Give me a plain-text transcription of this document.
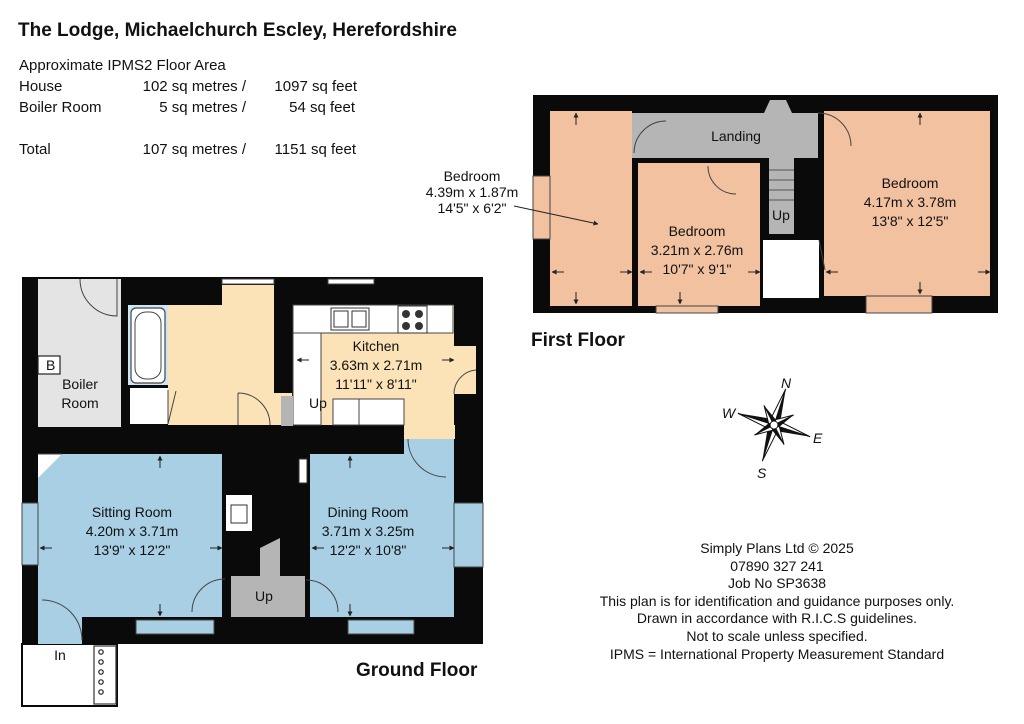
The Lodge, Michaelchurch Escley, Herefordshire
Approximate IPMS2 Floor Area
House	102 sq metres /	1097 sq feet
Boiler Room	5 sq metres /	54 sq feet
Total	107 sq metres /	1151 sq feet
First Floor
Ground Floor
N
E
S
W
B
Boiler
Room
Kitchen
3.63m x 2.71m
11'11" x 8'11"
Up
Sitting Room
4.20m x 3.71m
13'9" x 12'2"
Dining Room
3.71m x 3.25m
12'2" x 10'8"
Up
In
Bedroom
4.39m x 1.87m
14'5" x 6'2"
Bedroom
3.21m x 2.76m
10'7" x 9'1"
Bedroom
4.17m x 3.78m
13'8" x 12'5"
Landing
Up
Simply Plans Ltd © 2025
07890 327 241
Job No SP3638
This plan is for identification and guidance purposes only.
Drawn in accordance with R.I.C.S guidelines.
Not to scale unless specified.
IPMS = International Property Measurement Standard
